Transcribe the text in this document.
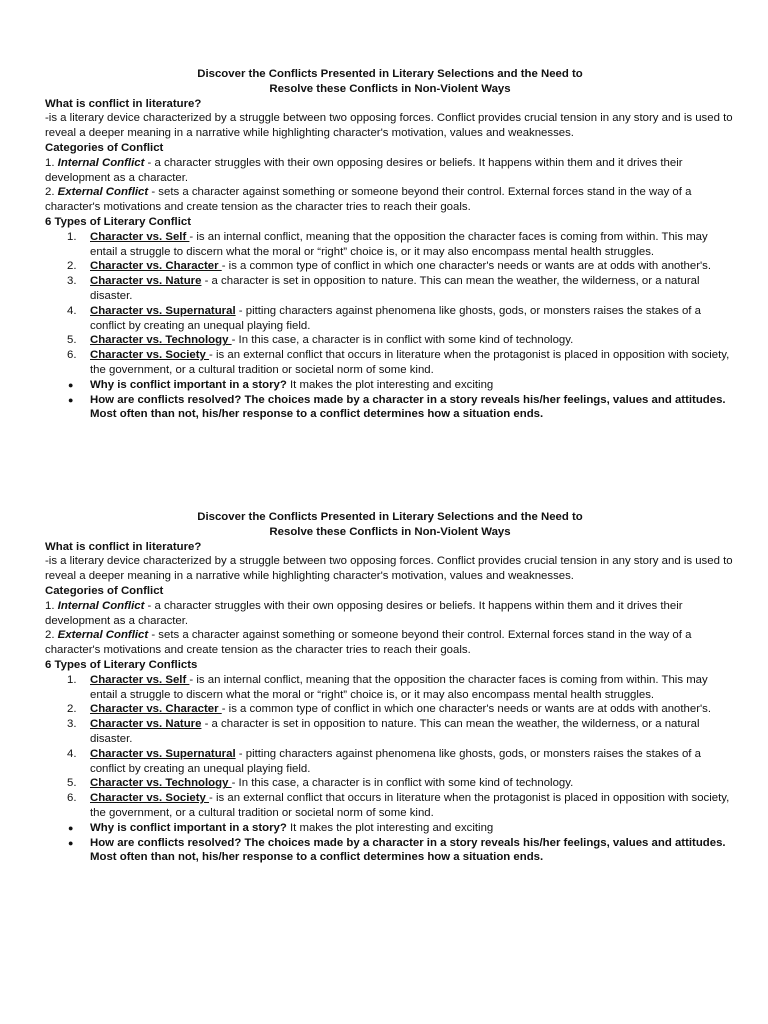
Discover the Conflicts Presented in Literary Selections and the Need to
Resolve these Conflicts in Non-Violent Ways

What is conflict in literature?

-is a literary device characterized by a struggle between two opposing forces. Conflict provides crucial tension in any story and is used to reveal a deeper meaning in a narrative while highlighting character's motivation, values and weaknesses.

Categories of Conflict

1. Internal Conflict - a character struggles with their own opposing desires or beliefs. It happens within them and it drives their development as a character.

2. External Conflict - sets a character against something or someone beyond their control. External forces stand in the way of a character's motivations and create tension as the character tries to reach their goals.

6 Types of Literary Conflict

1. Character vs. Self - is an internal conflict, meaning that the opposition the character faces is coming from within. This may entail a struggle to discern what the moral or “right” choice is, or it may also encompass mental health struggles.
2. Character vs. Character - is a common type of conflict in which one character's needs or wants are at odds with another's.
3. Character vs. Nature - a character is set in opposition to nature. This can mean the weather, the wilderness, or a natural disaster.
4. Character vs. Supernatural - pitting characters against phenomena like ghosts, gods, or monsters raises the stakes of a conflict by creating an unequal playing field.
5. Character vs. Technology - In this case, a character is in conflict with some kind of technology.
6. Character vs. Society - is an external conflict that occurs in literature when the protagonist is placed in opposition with society, the government, or a cultural tradition or societal norm of some kind.
● Why is conflict important in a story? It makes the plot interesting and exciting
● How are conflicts resolved? The choices made by a character in a story reveals his/her feelings, values and attitudes. Most often than not, his/her response to a conflict determines how a situation ends.
Discover the Conflicts Presented in Literary Selections and the Need to
Resolve these Conflicts in Non-Violent Ways

What is conflict in literature?

-is a literary device characterized by a struggle between two opposing forces. Conflict provides crucial tension in any story and is used to reveal a deeper meaning in a narrative while highlighting character's motivation, values and weaknesses.

Categories of Conflict

1. Internal Conflict - a character struggles with their own opposing desires or beliefs. It happens within them and it drives their development as a character.

2. External Conflict - sets a character against something or someone beyond their control. External forces stand in the way of a character's motivations and create tension as the character tries to reach their goals.

6 Types of Literary Conflicts

1. Character vs. Self - is an internal conflict, meaning that the opposition the character faces is coming from within. This may entail a struggle to discern what the moral or “right” choice is, or it may also encompass mental health struggles.
2. Character vs. Character - is a common type of conflict in which one character's needs or wants are at odds with another's.
3. Character vs. Nature - a character is set in opposition to nature. This can mean the weather, the wilderness, or a natural disaster.
4. Character vs. Supernatural - pitting characters against phenomena like ghosts, gods, or monsters raises the stakes of a conflict by creating an unequal playing field.
5. Character vs. Technology - In this case, a character is in conflict with some kind of technology.
6. Character vs. Society - is an external conflict that occurs in literature when the protagonist is placed in opposition with society, the government, or a cultural tradition or societal norm of some kind.
● Why is conflict important in a story? It makes the plot interesting and exciting
● How are conflicts resolved? The choices made by a character in a story reveals his/her feelings, values and attitudes. Most often than not, his/her response to a conflict determines how a situation ends.
